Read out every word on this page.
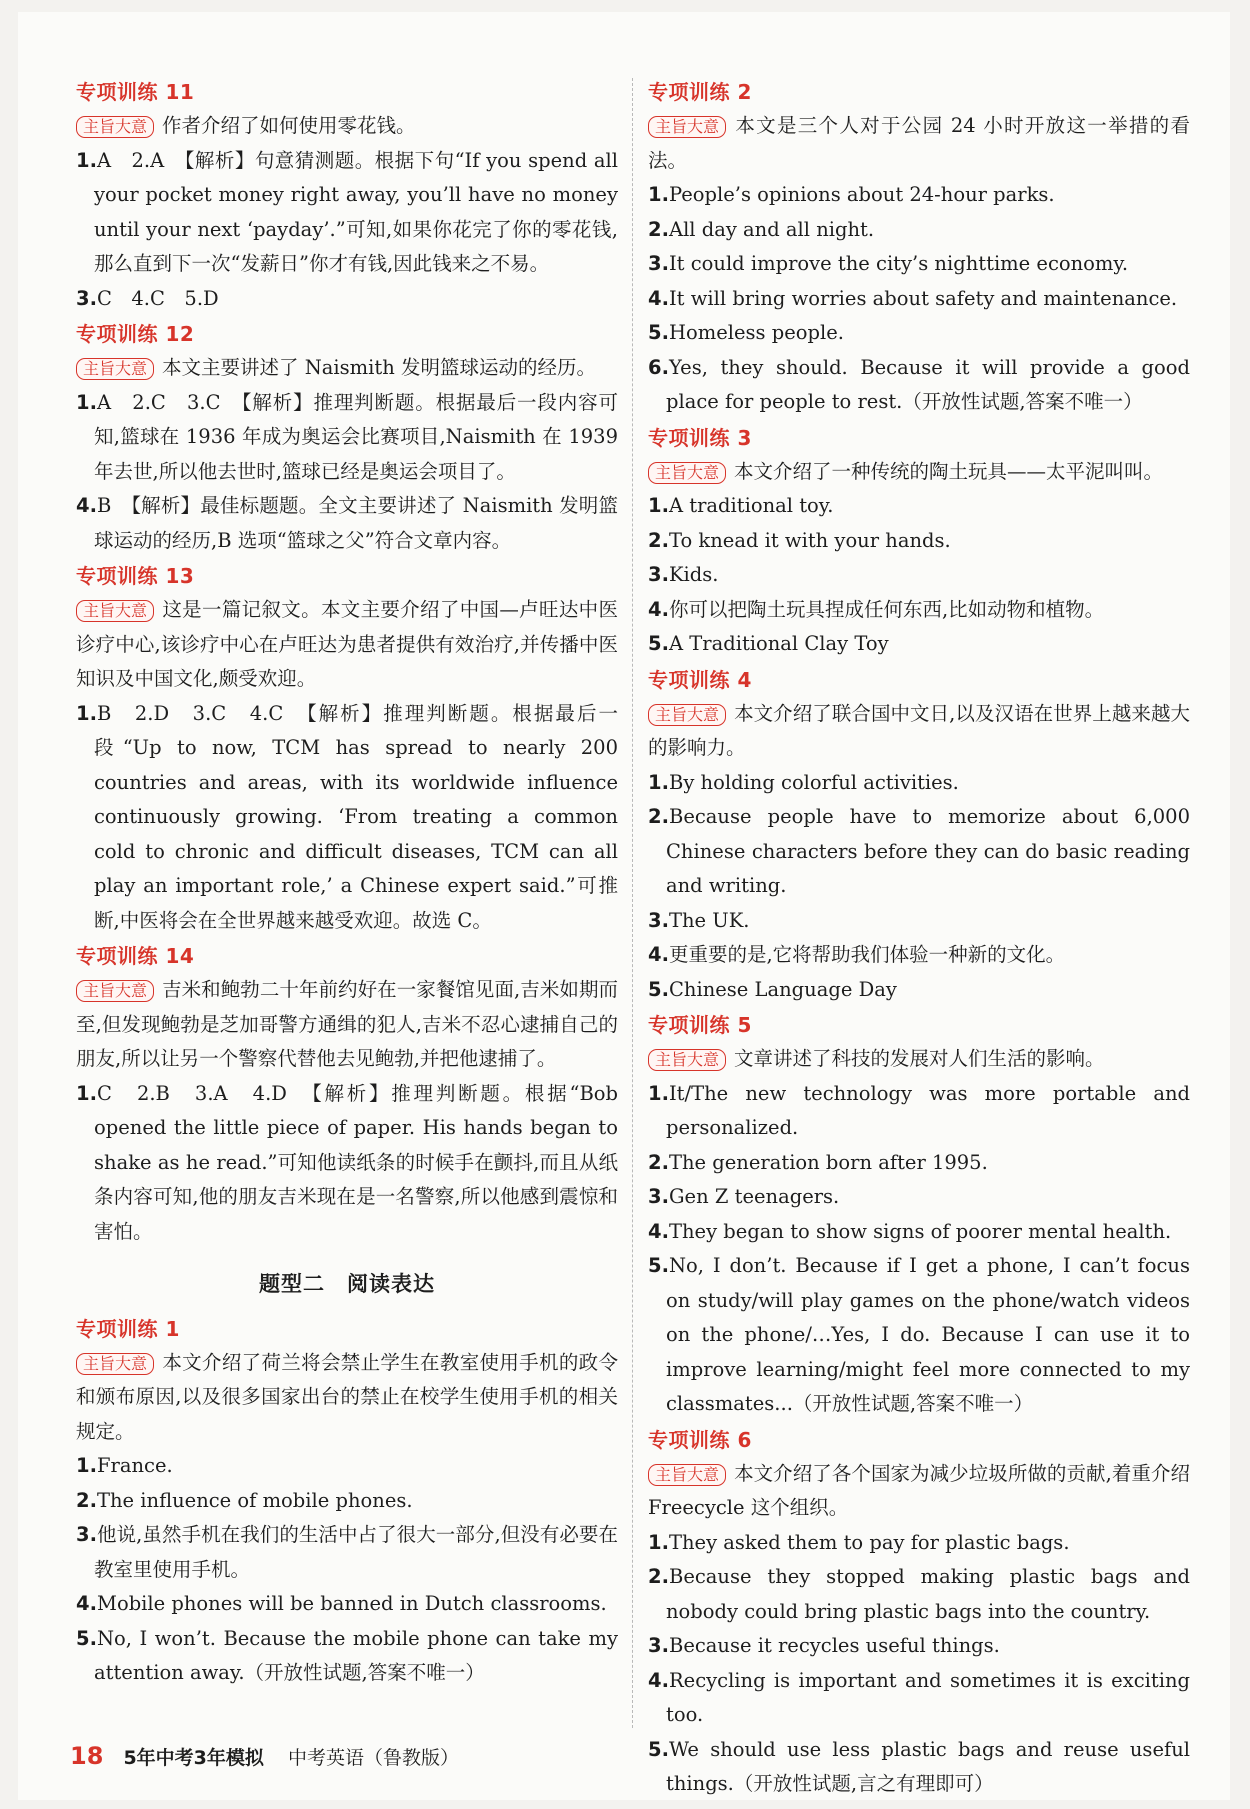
专项训练 11

主旨大意 作者介绍了如何使用零花钱。

1.A　2.A　【解析】句意猜测题。根据下句“If you spend all your pocket money right away, you’ll have no money until your next ‘payday’.”可知,如果你花完了你的零花钱,那么直到下一次“发薪日”你才有钱,因此钱来之不易。

3.C　4.C　5.D

专项训练 12

主旨大意 本文主要讲述了 Naismith 发明篮球运动的经历。

1.A　2.C　3.C　【解析】推理判断题。根据最后一段内容可知,篮球在 1936 年成为奥运会比赛项目,Naismith 在 1939 年去世,所以他去世时,篮球已经是奥运会项目了。

4.B　【解析】最佳标题题。全文主要讲述了 Naismith 发明篮球运动的经历,B 选项“篮球之父”符合文章内容。

专项训练 13

主旨大意 这是一篇记叙文。本文主要介绍了中国—卢旺达中医诊疗中心,该诊疗中心在卢旺达为患者提供有效治疗,并传播中医知识及中国文化,颇受欢迎。

1.B　2.D　3.C　4.C　【解析】推理判断题。根据最后一段“Up to now, TCM has spread to nearly 200 countries and areas, with its worldwide influence continuously growing. ‘From treating a common cold to chronic and difficult diseases, TCM can all play an important role,’ a Chinese expert said.”可推断,中医将会在全世界越来越受欢迎。故选 C。

专项训练 14

主旨大意 吉米和鲍勃二十年前约好在一家餐馆见面,吉米如期而至,但发现鲍勃是芝加哥警方通缉的犯人,吉米不忍心逮捕自己的朋友,所以让另一个警察代替他去见鲍勃,并把他逮捕了。

1.C　2.B　3.A　4.D　【解析】推理判断题。根据“Bob opened the little piece of paper. His hands began to shake as he read.”可知他读纸条的时候手在颤抖,而且从纸条内容可知,他的朋友吉米现在是一名警察,所以他感到震惊和害怕。

题型二　阅读表达
专项训练 1

主旨大意 本文介绍了荷兰将会禁止学生在教室使用手机的政令和颁布原因,以及很多国家出台的禁止在校学生使用手机的相关规定。

1.France.

2.The influence of mobile phones.

3.他说,虽然手机在我们的生活中占了很大一部分,但没有必要在教室里使用手机。

4.Mobile phones will be banned in Dutch classrooms.

5.No, I won’t. Because the mobile phone can take my attention away.（开放性试题,答案不唯一）

专项训练 2

主旨大意 本文是三个人对于公园 24 小时开放这一举措的看法。

1.People’s opinions about 24-hour parks.

2.All day and all night.

3.It could improve the city’s nighttime economy.

4.It will bring worries about safety and maintenance.

5.Homeless people.

6.Yes, they should. Because it will provide a good place for people to rest.（开放性试题,答案不唯一）

专项训练 3

主旨大意 本文介绍了一种传统的陶土玩具——太平泥叫叫。

1.A traditional toy.

2.To knead it with your hands.

3.Kids.

4.你可以把陶土玩具捏成任何东西,比如动物和植物。

5.A Traditional Clay Toy

专项训练 4

主旨大意 本文介绍了联合国中文日,以及汉语在世界上越来越大的影响力。

1.By holding colorful activities.

2.Because people have to memorize about 6,000 Chinese characters before they can do basic reading and writing.

3.The UK.

4.更重要的是,它将帮助我们体验一种新的文化。

5.Chinese Language Day

专项训练 5

主旨大意 文章讲述了科技的发展对人们生活的影响。

1.It/The new technology was more portable and personalized.

2.The generation born after 1995.

3.Gen Z teenagers.

4.They began to show signs of poorer mental health.

5.No, I don’t. Because if I get a phone, I can’t focus on study/will play games on the phone/watch videos on the phone/…Yes, I do. Because I can use it to improve learning/might feel more connected to my classmates...（开放性试题,答案不唯一）

专项训练 6

主旨大意 本文介绍了各个国家为减少垃圾所做的贡献,着重介绍 Freecycle 这个组织。

1.They asked them to pay for plastic bags.

2.Because they stopped making plastic bags and nobody could bring plastic bags into the country.

3.Because it recycles useful things.

4.Recycling is important and sometimes it is exciting too.

5.We should use less plastic bags and reuse useful things.（开放性试题,言之有理即可）

18 5年中考3年模拟 中考英语（鲁教版）
